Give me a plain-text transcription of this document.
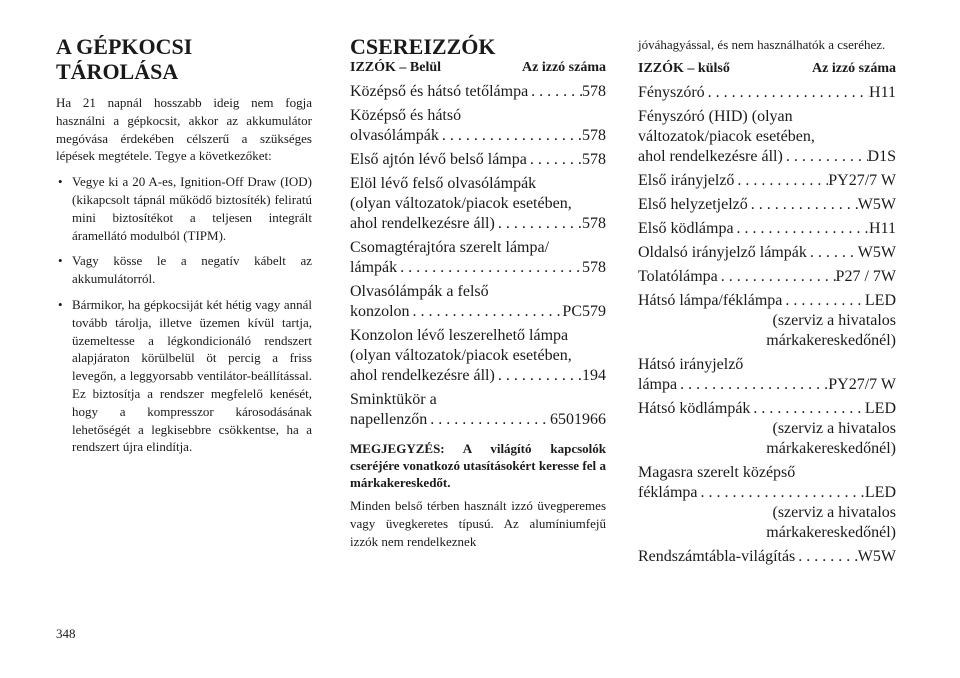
A GÉPKOCSI
TÁROLÁSA

Ha 21 napnál hosszabb ideig nem fogja használni a gépkocsit, akkor az akkumulátor megóvása érdekében célszerű a szükséges lépések megtétele. Tegye a következőket:

• Vegye ki a 20 A-es, Ignition-Off Draw (IOD) (kikapcsolt tápnál működő biztosíték) feliratú mini biztosítékot a teljesen integrált áramellátó modulból (TIPM).
• Vagy kösse le a negatív kábelt az akkumulátorról.
• Bármikor, ha gépkocsiját két hétig vagy annál tovább tárolja, illetve üzemen kívül tartja, üzemeltesse a légkondicionáló rendszert alapjáraton körülbelül öt percig a friss levegőn, a leggyorsabb ventilátor-beállítással. Ez biztosítja a rendszer megfelelő kenését, hogy a kompresszor károsodásának lehetőségét a legkisebbre csökkentse, ha a rendszert újra elindítja.
CSEREIZZÓK
IZZÓK – Belül	Az izzó száma
Középső és hátsó tetőlámpa . . .	578
Középső és hátsó
olvasólámpák . . .	578
Első ajtón lévő belső lámpa . . .	578
Elöl lévő felső olvasólámpák
(olyan változatok/piacok esetében,
ahol rendelkezésre áll) . . .	578
Csomagtérajtóra szerelt lámpa/
lámpák . . .	578
Olvasólámpák a felső
konzolon . . .	PC579
Konzolon lévő leszerelhető lámpa
(olyan változatok/piacok esetében,
ahol rendelkezésre áll) . . .	194
Sminktükör a
napellenzőn . . .	6501966
MEGJEGYZÉS: A világító kapcsolók cseréjére vonatkozó utasításokért keresse fel a márkakereskedőt.

Minden belső térben használt izzó üvegperemes vagy üvegkeretes típusú. Az alumíniumfejű izzók nem rendelkeznek

jóváhagyással, és nem használhatók a cseréhez.

IZZÓK – külső	Az izzó száma
Fényszóró . . .	H11
Fényszóró (HID) (olyan
változatok/piacok esetében,
ahol rendelkezésre áll) . . .	D1S
Első irányjelző . . .	PY27/7 W
Első helyzetjelző . . .	W5W
Első ködlámpa . . .	H11
Oldalsó irányjelző lámpák . . .	W5W
Tolatólámpa . . .	P27 / 7W
Hátsó lámpa/féklámpa . . .	LED
(szerviz a hivatalos
márkakereskedőnél)
Hátsó irányjelző
lámpa . . .	PY27/7 W
Hátsó ködlámpák . . .	LED
(szerviz a hivatalos
márkakereskedőnél)
Magasra szerelt középső
féklámpa . . .	LED
(szerviz a hivatalos
márkakereskedőnél)
Rendszámtábla-világítás . . .	W5W
348
